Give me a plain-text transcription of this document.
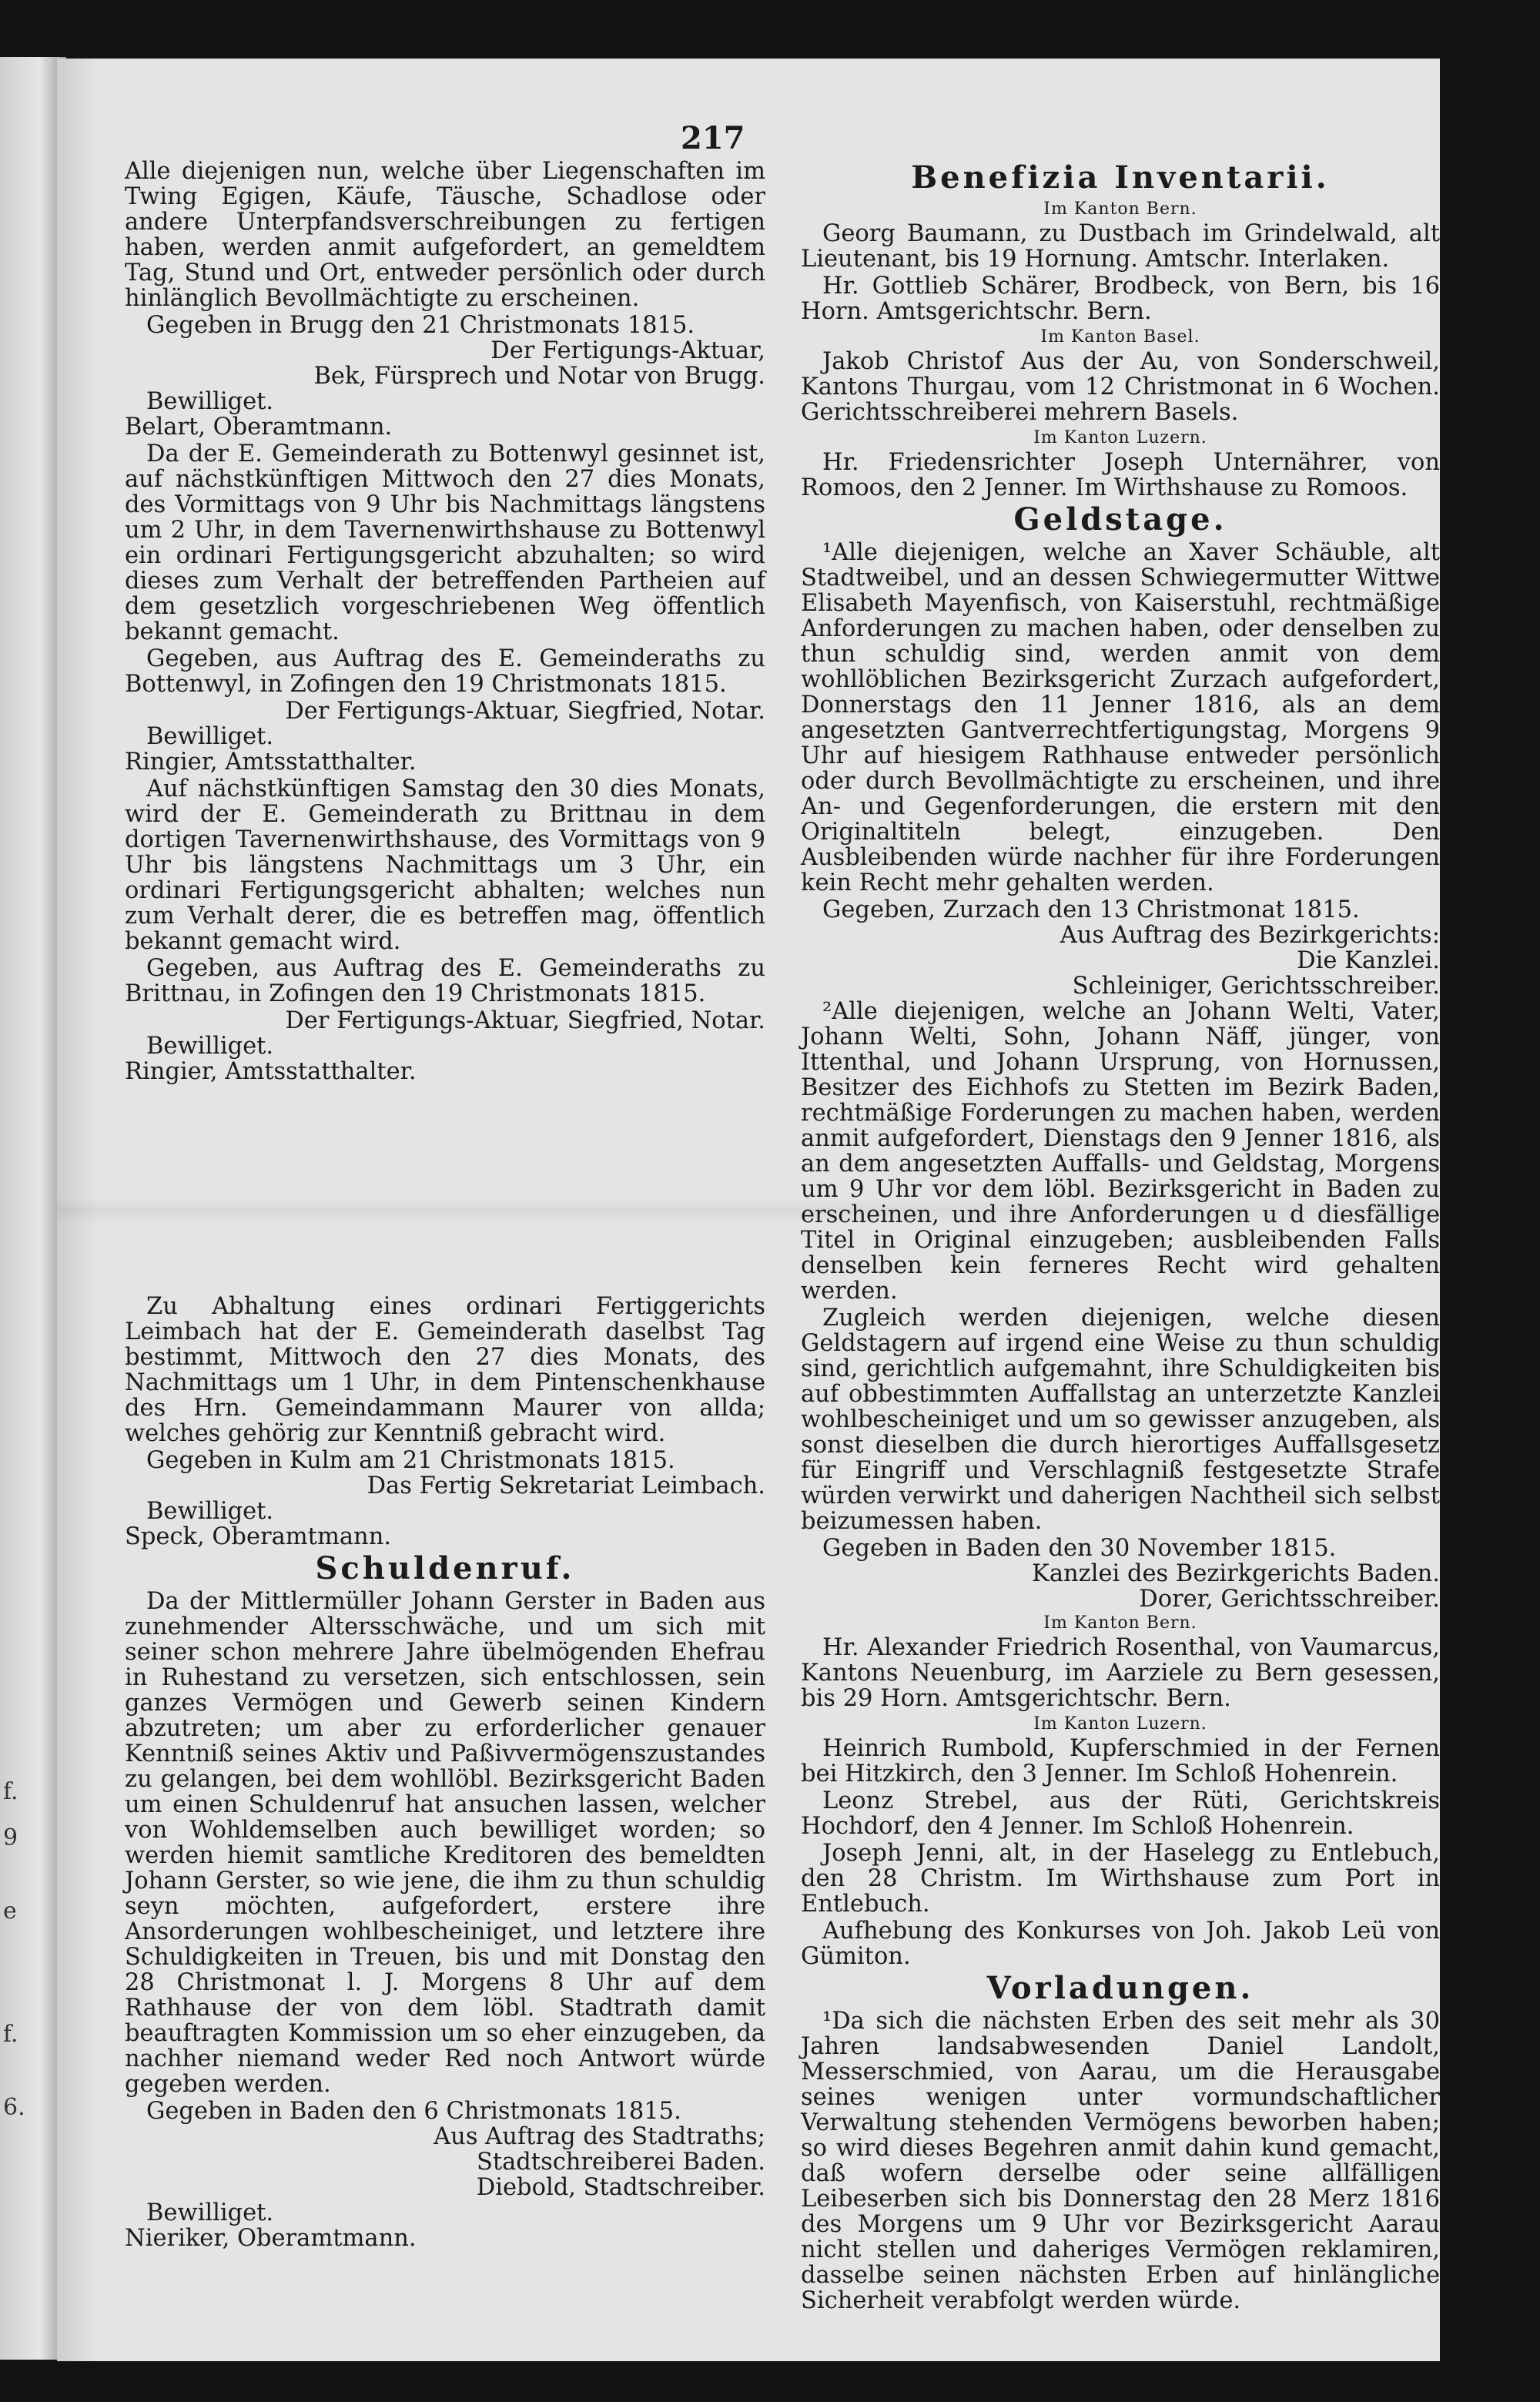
f.
9
e
f.
6.
217
Alle diejenigen nun, welche über Liegenschaften im Twing Egigen, Käufe, Täusche, Schadlose oder andere Unterpfandsverschreibungen zu fertigen haben, werden anmit aufgefordert, an gemeldtem Tag, Stund und Ort, entweder persönlich oder durch hinlänglich Bevollmächtigte zu erscheinen.
Gegeben in Brugg den 21 Christmonats 1815.
Der Fertigungs-Aktuar,
Bek, Fürsprech und Notar von Brugg.
Bewilliget.
Belart, Oberamtmann.
Da der E. Gemeinderath zu Bottenwyl gesinnet ist, auf nächstkünftigen Mittwoch den 27 dies Monats, des Vormittags von 9 Uhr bis Nachmittags längstens um 2 Uhr, in dem Tavernenwirthshause zu Bottenwyl ein ordinari Fertigungsgericht abzuhalten; so wird dieses zum Verhalt der betreffenden Partheien auf dem gesetzlich vorgeschriebenen Weg öffentlich bekannt gemacht.
Gegeben, aus Auftrag des E. Gemeinderaths zu Bottenwyl, in Zofingen den 19 Christmonats 1815.
Der Fertigungs-Aktuar, Siegfried, Notar.
Bewilliget.
Ringier, Amtsstatthalter.
Auf nächstkünftigen Samstag den 30 dies Monats, wird der E. Gemeinderath zu Brittnau in dem dortigen Tavernenwirthshause, des Vormittags von 9 Uhr bis längstens Nachmittags um 3 Uhr, ein ordinari Fertigungsgericht abhalten; welches nun zum Verhalt derer, die es betreffen mag, öffentlich bekannt gemacht wird.
Gegeben, aus Auftrag des E. Gemeinderaths zu Brittnau, in Zofingen den 19 Christmonats 1815.
Der Fertigungs-Aktuar, Siegfried, Notar.
Bewilliget.
Ringier, Amtsstatthalter.
Zu Abhaltung eines ordinari Fertiggerichts Leimbach hat der E. Gemeinderath daselbst Tag bestimmt, Mittwoch den 27 dies Monats, des Nachmittags um 1 Uhr, in dem Pintenschenkhause des Hrn. Gemeindammann Maurer von allda; welches gehörig zur Kenntniß gebracht wird.
Gegeben in Kulm am 21 Christmonats 1815.
Das Fertig Sekretariat Leimbach.
Bewilliget.
Speck, Oberamtmann.
Schuldenruf.
Da der Mittlermüller Johann Gerster in Baden aus zunehmender Altersschwäche, und um sich mit seiner schon mehrere Jahre übelmögenden Ehefrau in Ruhestand zu versetzen, sich entschlossen, sein ganzes Vermögen und Gewerb seinen Kindern abzutreten; um aber zu erforderlicher genauer Kenntniß seines Aktiv und Paßivvermögenszustandes zu gelangen, bei dem wohllöbl. Bezirksgericht Baden um einen Schuldenruf hat ansuchen lassen, welcher von Wohldemselben auch bewilliget worden; so werden hiemit samtliche Kreditoren des bemeldten Johann Gerster, so wie jene, die ihm zu thun schuldig seyn möchten, aufgefordert, erstere ihre Ansorderungen wohlbescheiniget, und letztere ihre Schuldigkeiten in Treuen, bis und mit Donstag den 28 Christmonat l. J. Morgens 8 Uhr auf dem Rathhause der von dem löbl. Stadtrath damit beauftragten Kommission um so eher einzugeben, da nachher niemand weder Red noch Antwort würde gegeben werden.
Gegeben in Baden den 6 Christmonats 1815.
Aus Auftrag des Stadtraths;
Stadtschreiberei Baden.
Diebold, Stadtschreiber.
Bewilliget.
Nieriker, Oberamtmann.
Benefizia Inventarii.
Im Kanton Bern.
Georg Baumann, zu Dustbach im Grindelwald, alt Lieutenant, bis 19 Hornung. Amtschr. Interlaken.
Hr. Gottlieb Schärer, Brodbeck, von Bern, bis 16 Horn. Amtsgerichtschr. Bern.
Im Kanton Basel.
Jakob Christof Aus der Au, von Sonderschweil, Kantons Thurgau, vom 12 Christmonat in 6 Wochen. Gerichtsschreiberei mehrern Basels.
Im Kanton Luzern.
Hr. Friedensrichter Joseph Unternährer, von Romoos, den 2 Jenner. Im Wirthshause zu Romoos.
Geldstage.
¹Alle diejenigen, welche an Xaver Schäuble, alt Stadtweibel, und an dessen Schwiegermutter Wittwe Elisabeth Mayenfisch, von Kaiserstuhl, rechtmäßige Anforderungen zu machen haben, oder denselben zu thun schuldig sind, werden anmit von dem wohllöblichen Bezirksgericht Zurzach aufgefordert, Donnerstags den 11 Jenner 1816, als an dem angesetzten Gantverrechtfertigungstag, Morgens 9 Uhr auf hiesigem Rathhause entweder persönlich oder durch Bevollmächtigte zu erscheinen, und ihre An- und Gegenforderungen, die erstern mit den Originaltiteln belegt, einzugeben. Den Ausbleibenden würde nachher für ihre Forderungen kein Recht mehr gehalten werden.
Gegeben, Zurzach den 13 Christmonat 1815.
Aus Auftrag des Bezirkgerichts:
Die Kanzlei.
Schleiniger, Gerichtsschreiber.
²Alle diejenigen, welche an Johann Welti, Vater, Johann Welti, Sohn, Johann Näff, jünger, von Ittenthal, und Johann Ursprung, von Hornussen, Besitzer des Eichhofs zu Stetten im Bezirk Baden, rechtmäßige Forderungen zu machen haben, werden anmit aufgefordert, Dienstags den 9 Jenner 1816, als an dem angesetzten Auffalls- und Geldstag, Morgens um 9 Uhr vor dem löbl. Bezirksgericht in Baden zu erscheinen, und ihre Anforderungen u d diesfällige Titel in Original einzugeben; ausbleibenden Falls denselben kein ferneres Recht wird gehalten werden.
Zugleich werden diejenigen, welche diesen Geldstagern auf irgend eine Weise zu thun schuldig sind, gerichtlich aufgemahnt, ihre Schuldigkeiten bis auf obbestimmten Auffallstag an unterzetzte Kanzlei wohlbescheiniget und um so gewisser anzugeben, als sonst dieselben die durch hierortiges Auffallsgesetz für Eingriff und Verschlagniß festgesetzte Strafe würden verwirkt und daherigen Nachtheil sich selbst beizumessen haben.
Gegeben in Baden den 30 November 1815.
Kanzlei des Bezirkgerichts Baden.
Dorer, Gerichtsschreiber.
Im Kanton Bern.
Hr. Alexander Friedrich Rosenthal, von Vaumarcus, Kantons Neuenburg, im Aarziele zu Bern gesessen, bis 29 Horn. Amtsgerichtschr. Bern.
Im Kanton Luzern.
Heinrich Rumbold, Kupferschmied in der Fernen bei Hitzkirch, den 3 Jenner. Im Schloß Hohenrein.
Leonz Strebel, aus der Rüti, Gerichtskreis Hochdorf, den 4 Jenner. Im Schloß Hohenrein.
Joseph Jenni, alt, in der Haselegg zu Entlebuch, den 28 Christm. Im Wirthshause zum Port in Entlebuch.
Aufhebung des Konkurses von Joh. Jakob Leü von Gümiton.
Vorladungen.
¹Da sich die nächsten Erben des seit mehr als 30 Jahren landsabwesenden Daniel Landolt, Messerschmied, von Aarau, um die Herausgabe seines wenigen unter vormundschaftlicher Verwaltung stehenden Vermögens beworben haben; so wird dieses Begehren anmit dahin kund gemacht, daß wofern derselbe oder seine allfälligen Leibeserben sich bis Donnerstag den 28 Merz 1816 des Morgens um 9 Uhr vor Bezirksgericht Aarau nicht stellen und daheriges Vermögen reklamiren, dasselbe seinen nächsten Erben auf hinlängliche Sicherheit verabfolgt werden würde.
